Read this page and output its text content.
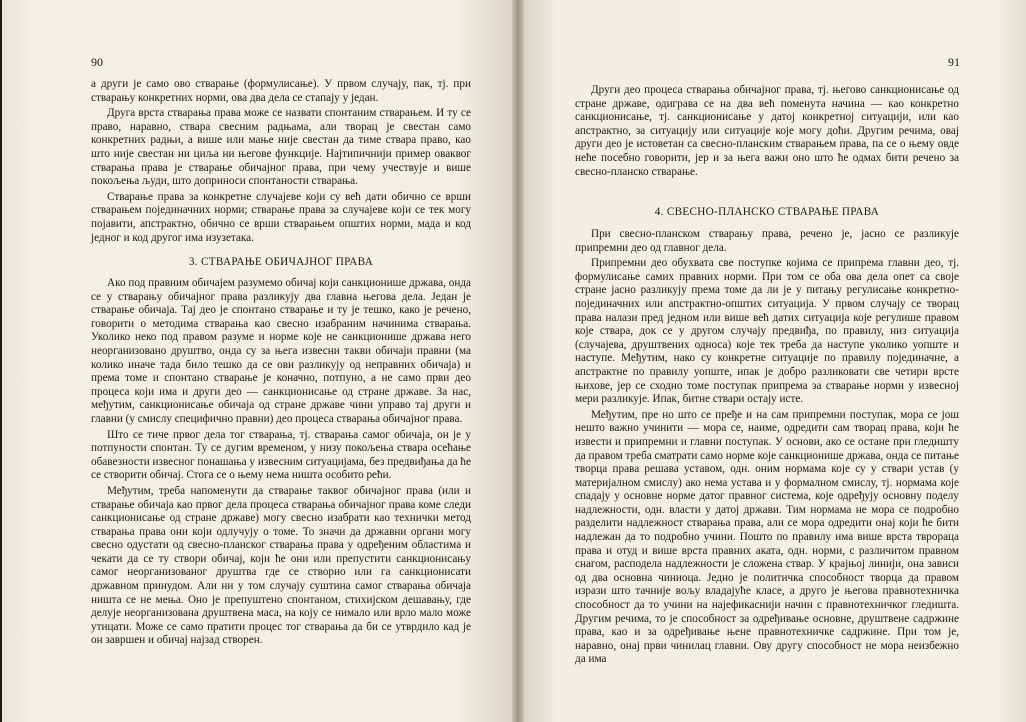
90

а други је само ово стварање (формулисање). У првом случају, пак, тј. при стварању конкретних норми, ова два дела се стапају у један.

Друга врста стварања права може се назвати спонтаним стварањем. И ту се право, наравно, ствара свесним радњама, али творац је свестан само конкретних радњи, а више или мање није свестан да тиме ствара право, као што није свестан ни циља ни његове функције. Најтипичнији пример оваквог стварања права је стварање обичајног права, при чему учествује и више покољења људи, што доприноси спонтаности стварања.

Стварање права за конкретне случајеве који су већ дати обично се врши стварањем појединачних норми; стварање права за случајеве који се тек могу појавити, апстрактно, обично се врши стварањем општих норми, мада и код једног и код другог има изузетака.

3. СТВАРАЊЕ ОБИЧАЈНОГ ПРАВА

Ако под правним обичајем разумемо обичај који санкционише држава, онда се у стварању обичајног права разликују два главна његова дела. Један је стварање обичаја. Тај део је спонтано стварање и ту је тешко, како је речено, говорити о методима стварања као свесно изабраним начинима стварања. Уколико неко под правом разуме и норме које не санкционише држава него неорганизовано друштво, онда су за њега извесни такви обичаји правни (ма колико иначе тада било тешко да се ови разликују од неправних обичаја) и према томе и спонтано стварање је коначно, потпуно, а не само први део процеса који има и други део — санкционисање од стране државе. За нас, међутим, санкционисање обичаја од стране државе чини управо тај други и главни (у смислу специфично правни) део процеса стварања обичајног права.

Што се тиче првог дела тог стварања, тј. стварања самог обичаја, он је у потпуности спонтан. Ту се дугим временом, у низу покољења ствара осећање обавезности извесног понашања у извесним ситуацијама, без предвиђања да ће се створити обичај. Стога се о њему нема ништа особито рећи.

Међутим, треба напоменути да стварање таквог обичајног права (или и стварање обичаја као првог дела процеса стварања обичајног права коме следи санкционисање од стране државе) могу свесно изабрати као технички метод стварања права они који одлучују о томе. То значи да државни органи могу свесно одустати од свесно-планског стварања права у одређеним областима и чекати да се ту створи обичај, који ће они или препустити санкционисању самог неорганизованог друштва где се створио или га санкционисати државном принудом. Али ни у том случају суштина самог стварања обичаја ништа се не мења. Оно је препуштено спонтаном, стихијском дешавању, где делује неорганизована друштвена маса, на коју се нимало или врло мало може утицати. Може се само пратити процес тог стварања да би се утврдило кад је он завршен и обичај најзад створен.

91

Други део процеса стварања обичајног права, тј. његово санкционисање од стране државе, одиграва се на два већ поменута начина — као конкретно санкционисање, тј. санкционисање у датој конкретној ситуацији, или као апстрактно, за ситуацију или ситуације које могу доћи. Другим речима, овај други део је истоветан са свесно-планским стварањем права, па се о њему овде неће посебно говорити, јер и за њега важи оно што ће одмах бити речено за свесно-планско стварање.

4. СВЕСНО-ПЛАНСКО СТВАРАЊЕ ПРАВА

При свесно-планском стварању права, речено је, јасно се разликује припремни део од главног дела.

Припремни део обухвата све поступке којима се припрема главни део, тј. формулисање самих правних норми. При том се оба ова дела опет са своје стране јасно разликују према томе да ли је у питању регулисање конкретно-појединачних или апстрактно-општих ситуација. У првом случају се творац права налази пред једном или више већ датих ситуација које регулише правом које ствара, док се у другом случају предвиђа, по правилу, низ ситуација (случајева, друштвених односа) које тек треба да наступе уколико уопште и наступе. Међутим, нако су конкретне ситуације по правилу појединачне, а апстрактне по правилу уопште, ипак је добро разликовати све четири врсте њихове, јер се сходно томе поступак припрема за стварање норми у извесној мери разликује. Ипак, битне ствари остају исте.

Међутим, пре но што се пређе и на сам припремни поступак, мора се још нешто важно учинити — мора се, наиме, одредити сам творац права, који ће извести и припремни и главни поступак. У основи, ако се остане при гледишту да правом треба сматрати само норме које санкционише држава, онда се питање творца права решава уставом, одн. оним нормама које су у ствари устав (у материјалном смислу) ако нема устава и у формалном смислу, тј. нормама које спадају у основне норме датог правног система, које одређују основну поделу надлежности, одн. власти у датој држави. Тим нормама не мора се подробно разделити надлежност стварања права, али се мора одредити онај који ће бити надлежан да то подробно учини. Пошто по правилу има више врста тврораца права и отуд и више врста правних аката, одн. норми, с различитом правном снагом, расподела надлежности је сложена ствар. У крајњој линији, она зависи од два основна чиниоца. Једно је политичка способност творца да правом изрази што тачније вољу владајуће класе, а друго је његова правнотехничка способност да то учини на најефикаснији начин с правнотехничког гледишта. Другим речима, то је способност за одређивање основне, друштвене садржине права, као и за одређивање њене правнотехничке садржине. При том је, наравно, онај први чинилац главни. Ову другу способност не мора неизбежно да има
